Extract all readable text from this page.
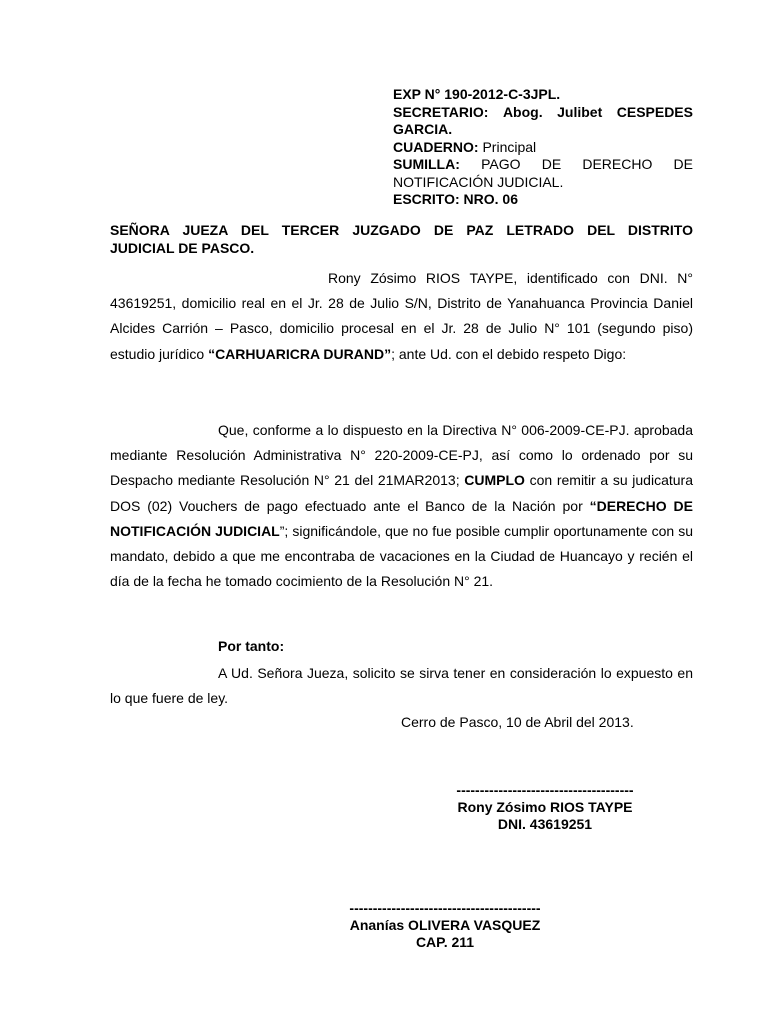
EXP N° 190-2012-C-3JPL.
SECRETARIO: Abog. Julibet CESPEDES
GARCIA.
CUADERNO: Principal
SUMILLA: PAGO DE DERECHO DE
NOTIFICACIÓN JUDICIAL.
ESCRITO: NRO. 06
SEÑORA JUEZA DEL TERCER JUZGADO DE PAZ LETRADO DEL DISTRITO
JUDICIAL DE PASCO.
Rony Zósimo RIOS TAYPE, identificado con DNI. N° 43619251, domicilio real en el Jr. 28 de Julio S/N, Distrito de Yanahuanca Provincia Daniel Alcides Carrión – Pasco, domicilio procesal en el Jr. 28 de Julio N° 101 (segundo piso) estudio jurídico “CARHUARICRA DURAND”; ante Ud. con el debido respeto Digo:
Que, conforme a lo dispuesto en la Directiva N° 006-2009-CE-PJ. aprobada mediante Resolución Administrativa N° 220-2009-CE-PJ, así como lo ordenado por su Despacho mediante Resolución N° 21 del 21MAR2013; CUMPLO con remitir a su judicatura DOS (02) Vouchers de pago efectuado ante el Banco de la Nación por “DERECHO DE NOTIFICACIÓN JUDICIAL”; significándole, que no fue posible cumplir oportunamente con su mandato, debido a que me encontraba de vacaciones en la Ciudad de Huancayo y recién el día de la fecha he tomado cocimiento de la Resolución N° 21.
Por tanto:
A Ud. Señora Jueza, solicito se sirva tener en consideración lo expuesto en lo que fuere de ley.
Cerro de Pasco, 10 de Abril del 2013.
--------------------------------------
Rony Zósimo RIOS TAYPE
DNI. 43619251
-----------------------------------------
Ananías OLIVERA VASQUEZ
CAP. 211
